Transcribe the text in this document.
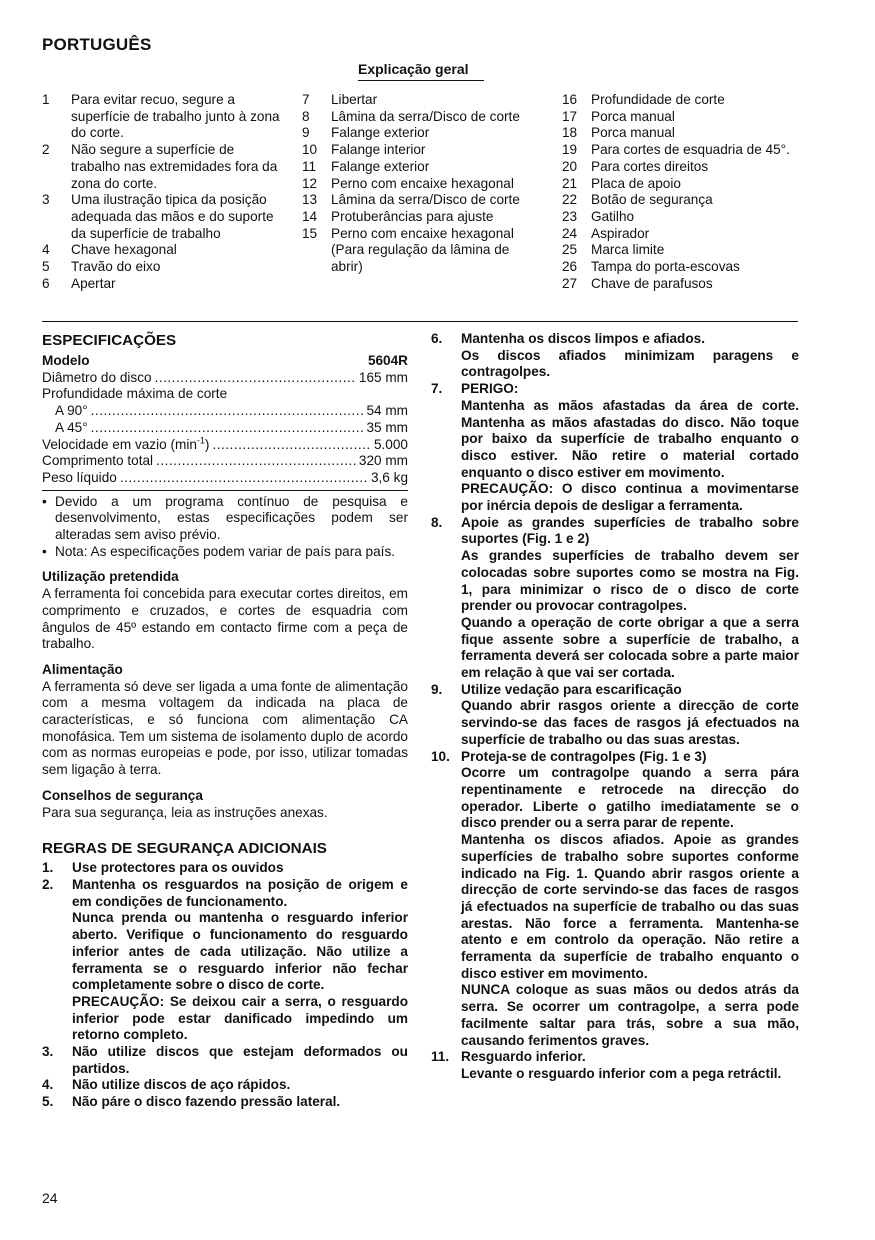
PORTUGUÊS
Explicação geral
1	Para evitar recuo, segure a superfície de trabalho junto à zona do corte.
2	Não segure a superfície de trabalho nas extremidades fora da zona do corte.
3	Uma ilustração tipica da posição adequada das mãos e do suporte da superfície de trabalho
4	Chave hexagonal
5	Travão do eixo
6	Apertar
7	Libertar
8	Lâmina da serra/Disco de corte
9	Falange exterior
10	Falange interior
11	Falange exterior
12	Perno com encaixe hexagonal
13	Lâmina da serra/Disco de corte
14	Protuberâncias para ajuste
15	Perno com encaixe hexagonal (Para regulação da lâmina de abrir)
16	Profundidade de corte
17	Porca manual
18	Porca manual
19	Para cortes de esquadria de 45°.
20	Para cortes direitos
21	Placa de apoio
22	Botão de segurança
23	Gatilho
24	Aspirador
25	Marca limite
26	Tampa do porta-escovas
27	Chave de parafusos
ESPECIFICAÇÕES
Modelo	5604R
Diâmetro do disco .....	165 mm
Profundidade máxima de corte
A 90° .....	54 mm
A 45° .....	35 mm
Velocidade em vazio $(\min^{-1})$ .....	5.000
Comprimento total .....	320 mm
Peso líquido .....	3,6 kg
• Devido a um programa contínuo de pesquisa e desenvolvimento, estas especificações podem ser alteradas sem aviso prévio.
• Nota: As especificações podem variar de país para país.
Utilização pretendida
A ferramenta foi concebida para executar cortes direitos, em comprimento e cruzados, e cortes de esquadria com ângulos de 45º estando em contacto firme com a peça de trabalho.
Alimentação
A ferramenta só deve ser ligada a uma fonte de alimentação com a mesma voltagem da indicada na placa de características, e só funciona com alimentação CA monofásica. Tem um sistema de isolamento duplo de acordo com as normas europeias e pode, por isso, utilizar tomadas sem ligação à terra.
Conselhos de segurança
Para sua segurança, leia as instruções anexas.
REGRAS DE SEGURANÇA ADICIONAIS
1.	Use protectores para os ouvidos
2.	Mantenha os resguardos na posição de origem e em condições de funcionamento.
Nunca prenda ou mantenha o resguardo inferior aberto. Verifique o funcionamento do resguardo inferior antes de cada utilização. Não utilize a ferramenta se o resguardo inferior não fechar completamente sobre o disco de corte.
PRECAUÇÃO: Se deixou cair a serra, o resguardo inferior pode estar danificado impedindo um retorno completo.
3.	Não utilize discos que estejam deformados ou partidos.
4.	Não utilize discos de aço rápidos.
5.	Não páre o disco fazendo pressão lateral.
6.	Mantenha os discos limpos e afiados.
Os discos afiados minimizam paragens e contragolpes.
7.	PERIGO:
Mantenha as mãos afastadas da área de corte. Mantenha as mãos afastadas do disco. Não toque por baixo da superfície de trabalho enquanto o disco estiver. Não retire o material cortado enquanto o disco estiver em movimento.
PRECAUÇÃO: O disco continua a movimentarse por inércia depois de desligar a ferramenta.
8.	Apoie as grandes superfícies de trabalho sobre suportes (Fig. 1 e 2)
As grandes superfícies de trabalho devem ser colocadas sobre suportes como se mostra na Fig. 1, para minimizar o risco de o disco de corte prender ou provocar contragolpes.
Quando a operação de corte obrigar a que a serra fique assente sobre a superfície de trabalho, a ferramenta deverá ser colocada sobre a parte maior em relação à que vai ser cortada.
9.	Utilize vedação para escarificação
Quando abrir rasgos oriente a direcção de corte servindo-se das faces de rasgos já efectuados na superfície de trabalho ou das suas arestas.
10. Proteja-se de contragolpes (Fig. 1 e 3)
Ocorre um contragolpe quando a serra pára repentinamente e retrocede na direcção do operador. Liberte o gatilho imediatamente se o disco prender ou a serra parar de repente.
Mantenha os discos afiados. Apoie as grandes superfícies de trabalho sobre suportes conforme indicado na Fig. 1. Quando abrir rasgos oriente a direcção de corte servindo-se das faces de rasgos já efectuados na superfície de trabalho ou das suas arestas. Não force a ferramenta. Mantenha-se atento e em controlo da operação. Não retire a ferramenta da superfície de trabalho enquanto o disco estiver em movimento.
NUNCA coloque as suas mãos ou dedos atrás da serra. Se ocorrer um contragolpe, a serra pode facilmente saltar para trás, sobre a sua mão, causando ferimentos graves.
11. Resguardo inferior.
Levante o resguardo inferior com a pega retráctil.
24
